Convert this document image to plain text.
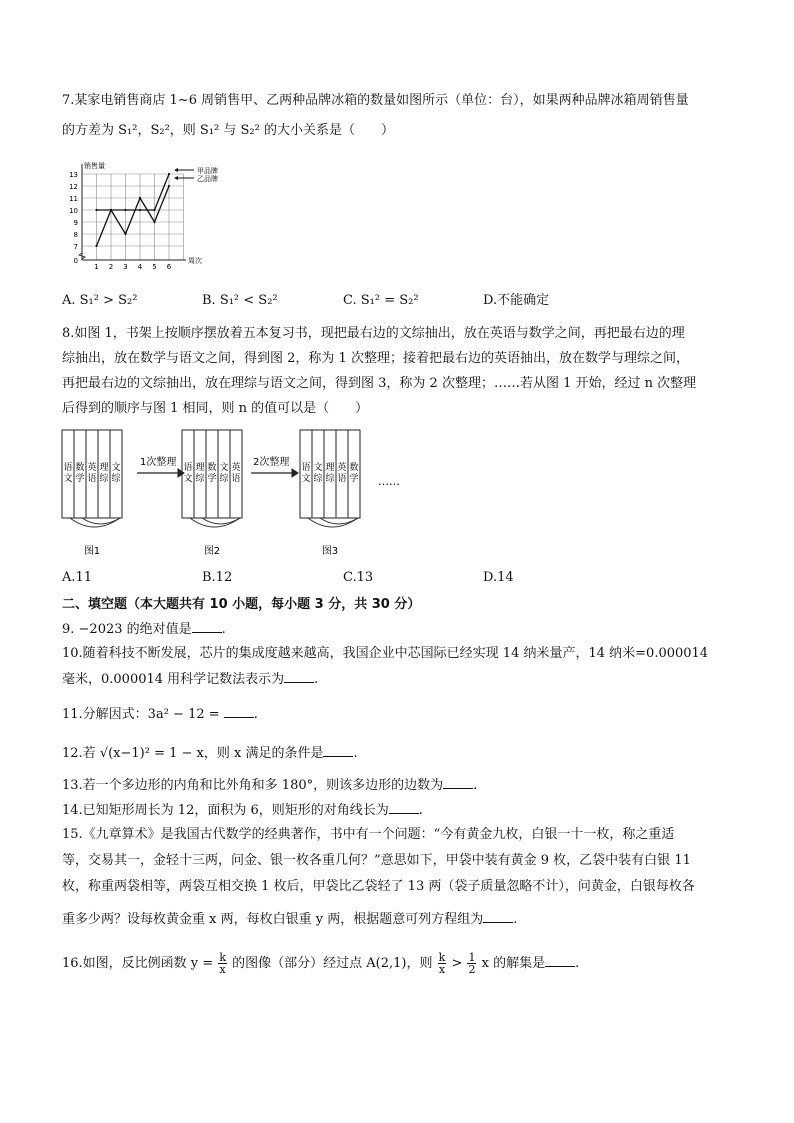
7.某家电销售商店 1~6 周销售甲、乙两种品牌冰箱的数量如图所示（单位：台），如果两种品牌冰箱周销售量
的方差为 S₁²，S₂²，则 S₁² 与 S₂² 的大小关系是（　　）
0
7
8
9
10
11
12
13
1 2 3 4 5 6
销售量
周次
甲品牌
乙品牌
A. S₁² > S₂²	B. S₁² < S₂²	C. S₁² = S₂²	D.不能确定
8.如图 1，书架上按顺序摆放着五本复习书，现把最右边的文综抽出，放在英语与数学之间，再把最右边的理
综抽出，放在数学与语文之间，得到图 2，称为 1 次整理；接着把最右边的英语抽出，放在数学与理综之间，
再把最右边的文综抽出，放在理综与语文之间，得到图 3，称为 2 次整理；……若从图 1 开始，经过 n 次整理
后得到的顺序与图 1 相同，则 n 的值可以是（　　）
语
文
数
学
英
语
理
综
文
综
图1
语
文
理
综
数
学
文
综
英
语
图2
语
文
文
综
理
综
英
语
数
学
图3
1次整理	2次整理
……
A.11	B.12	C.13	D.14
二、填空题（本大题共有 10 小题，每小题 3 分，共 30 分）
9. −2023 的绝对值是 .
10.随着科技不断发展，芯片的集成度越来越高，我国企业中芯国际已经实现 14 纳米量产，14 纳米=0.000014
毫米，0.000014 用科学记数法表示为 .
11.分解因式：3a² − 12 =	.
12.若 √(x−1)² = 1 − x，则 x 满足的条件是 .
13.若一个多边形的内角和比外角和多 180°，则该多边形的边数为 .
14.已知矩形周长为 12，面积为 6，则矩形的对角线长为 .
15.《九章算术》是我国古代数学的经典著作，书中有一个问题：“今有黄金九枚，白银一十一枚，称之重适
等，交易其一，金轻十三两，问金、银一枚各重几何？”意思如下，甲袋中装有黄金 9 枚，乙袋中装有白银 11
枚，称重两袋相等，两袋互相交换 1 枚后，甲袋比乙袋轻了 13 两（袋子质量忽略不计），问黄金，白银每枚各
重多少两？设每枚黄金重 x 两，每枚白银重 y 两，根据题意可列方程组为 .
16.如图，反比例函数 $y = \frac{k}{x}$ 的图像（部分）经过点 A(2,1)，则 $\frac{k}{x} > \frac{1}{2}$ x 的解集是 .
